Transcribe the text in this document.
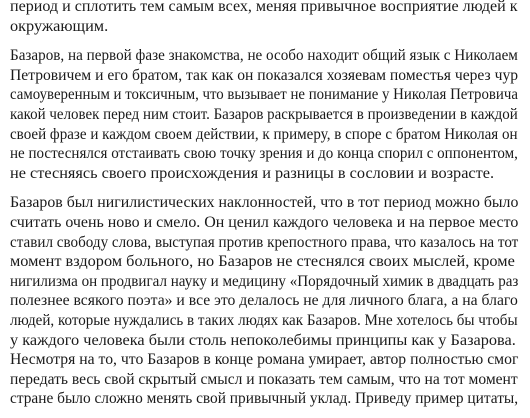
период и сплотить тем самым всех, меняя привычное восприятие людей к
окружающим.

Базаров, на первой фазе знакомства, не особо находит общий язык с Николаем
Петровичем и его братом, так как он показался хозяевам поместья через чур
самоуверенным и токсичным, что вызывает не понимание у Николая Петровича
какой человек перед ним стоит. Базаров раскрывается в произведении в каждой
своей фразе и каждом своем действии, к примеру, в споре с братом Николая он
не постеснялся отстаивать свою точку зрения и до конца спорил с оппонентом,
не стесняясь своего происхождения и разницы в сословии и возрасте.

Базаров был нигилистических наклонностей, что в тот период можно было
считать очень ново и смело. Он ценил каждого человека и на первое место
ставил свободу слова, выступая против крепостного права, что казалось на тот
момент вздором больного, но Базаров не стеснялся своих мыслей, кроме
нигилизма он продвигал науку и медицину «Порядочный химик в двадцать раз
полезнее всякого поэта» и все это делалось не для личного блага, а на благо
людей, которые нуждались в таких людях как Базаров. Мне хотелось бы чтобы
у каждого человека были столь непоколебимы принципы как у Базарова.
Несмотря на то, что Базаров в конце романа умирает, автор полностью смог
передать весь свой скрытый смысл и показать тем самым, что на тот момент
стране было сложно менять свой привычный уклад. Приведу пример цитаты,
